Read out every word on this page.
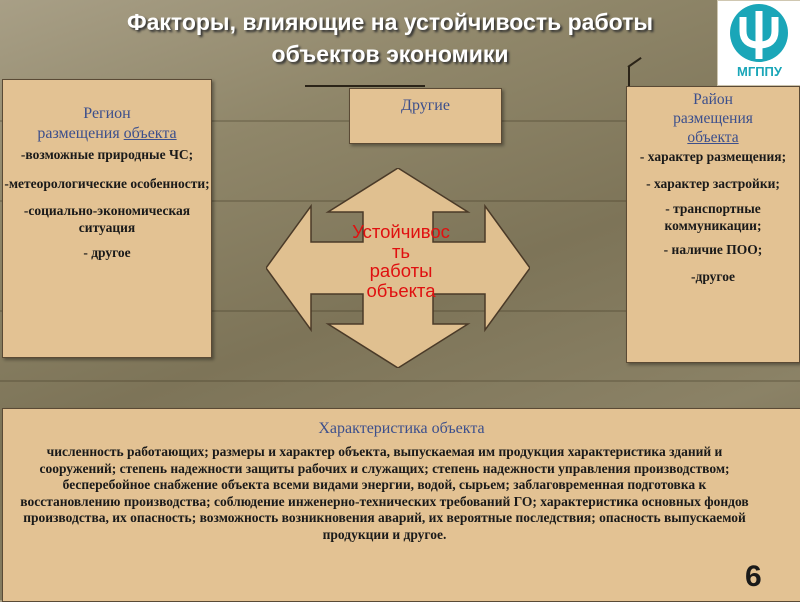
Факторы, влияющие на устойчивость работы
объектов экономики
МГППУ
Регион
размещения объекта
-возможные природные ЧС;
-метеорологические особенности;
-социально-экономическая ситуация
- другое
Другие	Район
размещения
объекта
- характер размещения;
- характер застройки;
- транспортные коммуникации;
- наличие ПОО;
-другое
Устойчивос
ть
работы
объекта
Характеристика объекта
численность работающих; размеры и характер объекта, выпускаемая им продукция характеристика зданий и сооружений; степень надежности защиты рабочих и служащих; степень надежности управления производством; бесперебойное снабжение объекта всеми видами энергии, водой, сырьем; заблаговременная подготовка к восстановлению производства; соблюдение инженерно-технических требований ГО; характеристика основных фондов производства, их опасность; возможность возникновения аварий, их вероятные последствия; опасность выпускаемой продукции и другое.
6
